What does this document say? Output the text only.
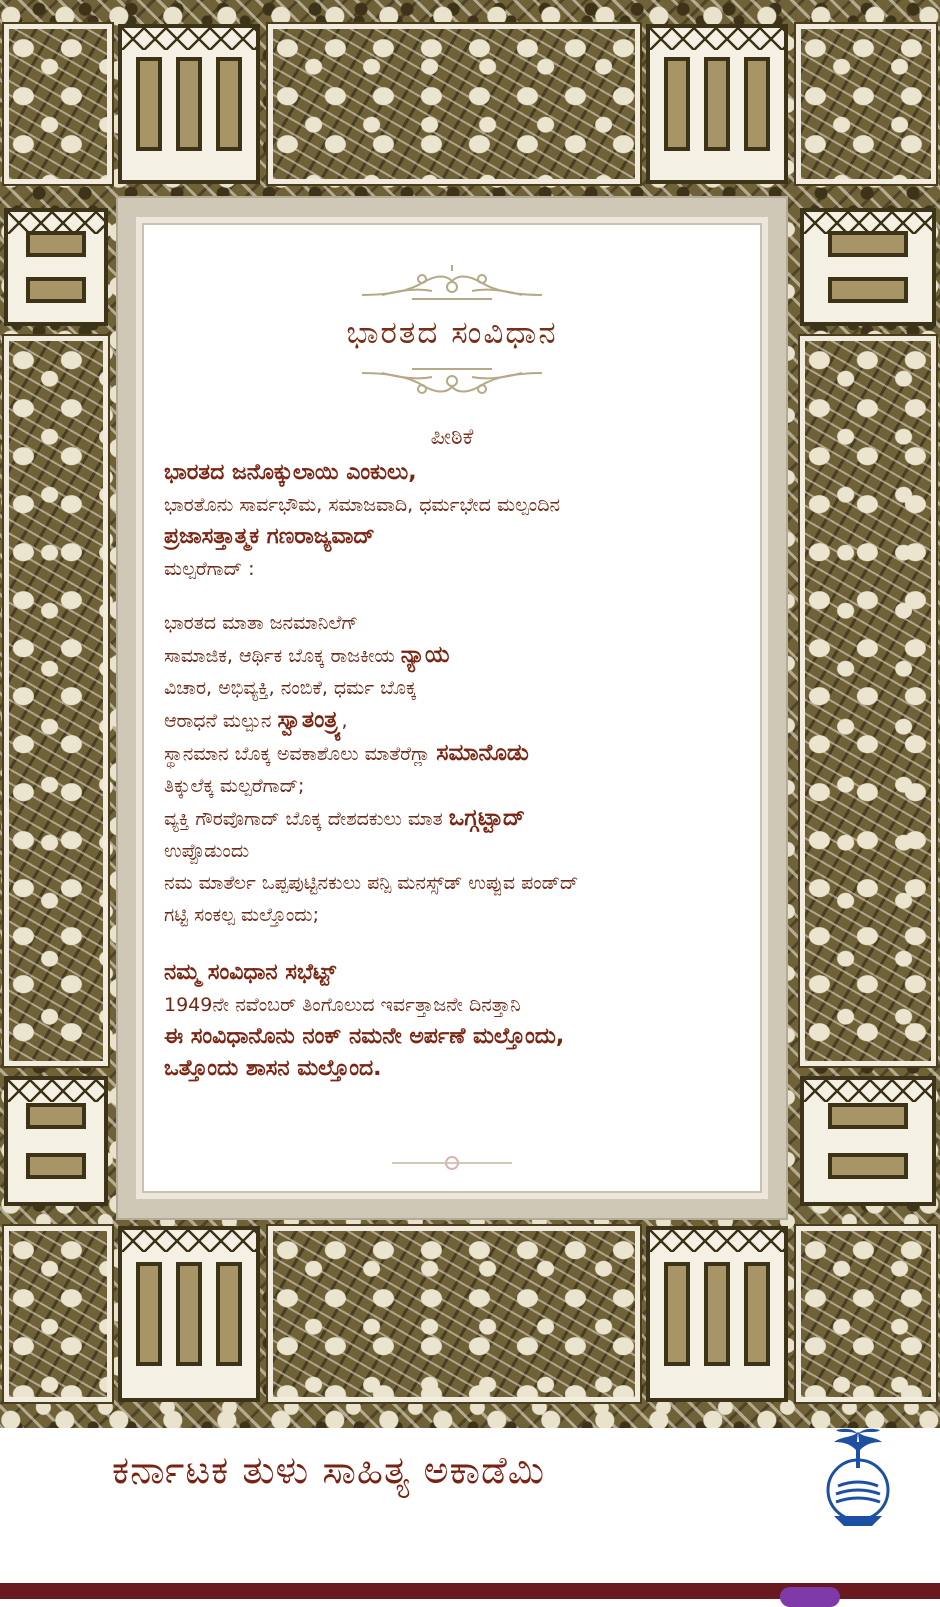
ಭಾರತದ ಸಂವಿಧಾನ
ಪೀಠಿಕೆ
ಭಾರತದ ಜನೊಕ್ಕುಲಾಯಿ ಎಂಕುಲು,
ಭಾರತೊನು ಸಾರ್ವಭೌಮ, ಸಮಾಜವಾದಿ, ಧರ್ಮಭೇದ ಮಲ್ಪಂದಿನ
ಪ್ರಜಾಸತ್ತಾತ್ಮಕ ಗಣರಾಜ್ಯವಾದ್
ಮಲ್ಪರೆಗಾದ್ :
ಭಾರತದ ಮಾತಾ ಜನಮಾನಿಲೆಗ್
ಸಾಮಾಜಿಕ, ಆರ್ಥಿಕ ಬೊಕ್ಕ ರಾಜಕೀಯ ನ್ಯಾಯ
ವಿಚಾರ, ಅಭಿವ್ಯಕ್ತಿ, ನಂಬಿಕೆ, ಧರ್ಮ ಬೊಕ್ಕ
ಆರಾಧನೆ ಮಲ್ಪುನ ಸ್ವಾತಂತ್ರ್ಯ,
ಸ್ಥಾನಮಾನ ಬೊಕ್ಕ ಅವಕಾಶೊಲು ಮಾತೆರೆಗ್ಲಾ ಸಮಾನೊಡು
ತಿಕ್ಕುಲೆಕ್ಕ ಮಲ್ಪರೆಗಾದ್;
ವ್ಯಕ್ತಿ ಗೌರವೊಗಾದ್ ಬೊಕ್ಕ ದೇಶದಕುಲು ಮಾತ ಒಗ್ಗಟ್ಟಾದ್
ಉಪ್ಪೊಡುಂದು
ನಮ ಮಾತೆರ್ಲ ಒಪ್ಪಪುಟ್ಟಿನಕುಲು ಪನ್ಪಿ ಮನಸ್ಸ್‌ಡ್ ಉಪ್ಪುವ ಪಂಡ್‌ದ್
ಗಟ್ಟಿ ಸಂಕಲ್ಪ ಮಲ್ತೊಂದು;
ನಮ್ಮ ಸಂವಿಧಾನ ಸಭೆಟ್ಟ್
1949ನೇ ನವೆಂಬರ್ ತಿಂಗೊಲುದ ಇರ್ವತ್ತಾಜನೇ ದಿನತ್ತಾನಿ
ಈ ಸಂವಿಧಾನೊನು ನಂಕ್ ನಮನೇ ಅರ್ಪಣೆ ಮಲ್ತೊಂದು,
ಒತ್ತೊಂದು ಶಾಸನ ಮಲ್ತೊಂದ.
ಕರ್ನಾಟಕ ತುಳು ಸಾಹಿತ್ಯ ಅಕಾಡೆಮಿ
